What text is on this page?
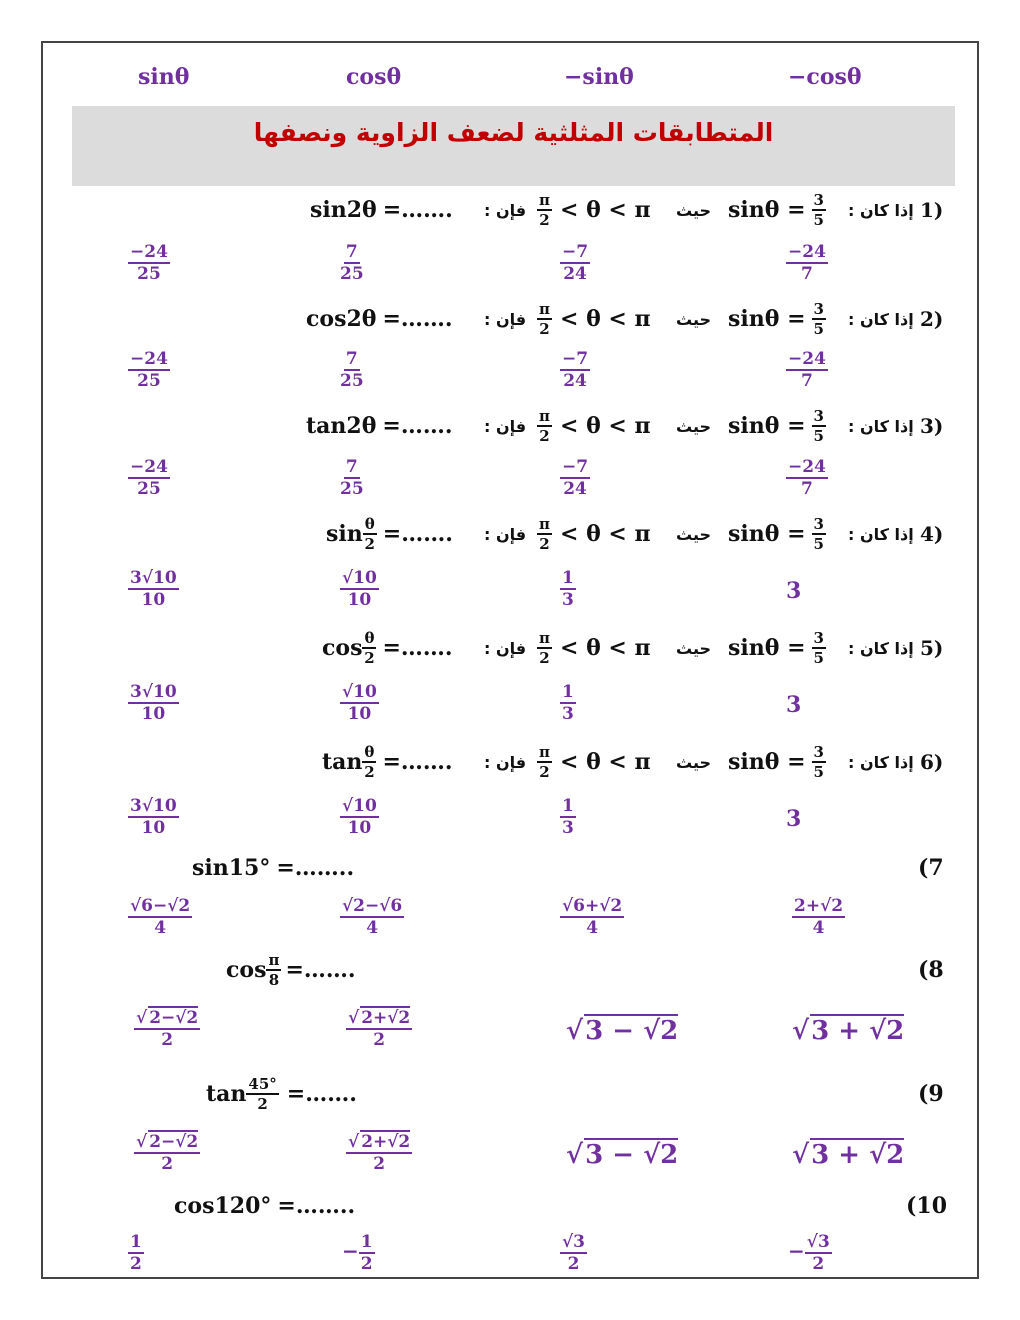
sinθ	cosθ	−sinθ	−cosθ
المتطابقات المثلثية لضعف الزاوية ونصفها
sin2θ =……. : فإن $\frac{\pi}{2} < \theta < \pi$ حيث $\sin\theta = \frac{3}{5}$ : إذا كان 1)
$\frac{-24}{25}$	$\frac{7}{25}$	$\frac{-7}{24}$	$\frac{-24}{7}$
cos2θ =……. : فإن $\frac{\pi}{2} < \theta < \pi$ حيث $\sin\theta = \frac{3}{5}$ : إذا كان 2)
$\frac{-24}{25}$	$\frac{7}{25}$	$\frac{-7}{24}$	$\frac{-24}{7}$
tan2θ =……. : فإن $\frac{\pi}{2} < \theta < \pi$ حيث $\sin\theta = \frac{3}{5}$ : إذا كان 3)
$\frac{-24}{25}$	$\frac{7}{25}$	$\frac{-7}{24}$	$\frac{-24}{7}$
$\sin \frac{\theta}{2}$ =……. : فإن $\frac{\pi}{2} < \theta < \pi$ حيث $\sin\theta = \frac{3}{5}$ : إذا كان 4)
$\frac{3√10}{10}$	$\frac{√10}{10}$	$\frac{1}{3}$	3
$\cos \frac{\theta}{2}$ =……. : فإن $\frac{\pi}{2} < \theta < \pi$ حيث $\sin\theta = \frac{3}{5}$ : إذا كان 5)
$\frac{3√10}{10}$	$\frac{√10}{10}$	$\frac{1}{3}$	3
$\tan \frac{\theta}{2}$ =……. : فإن $\frac{\pi}{2} < \theta < \pi$ حيث $\sin\theta = \frac{3}{5}$ : إذا كان 6)
$\frac{3√10}{10}$	$\frac{√10}{10}$	$\frac{1}{3}$	3
sin15° =……..	(7
$\frac{√6-√2}{4}$	$\frac{√2-√6}{4}$	$\frac{√6+√2}{4}$	$\frac{2+√2}{4}$
$\cos \frac{\pi}{8}$ =…….	(8
$\frac{√ 2-√2}{2}$	$\frac{√ 2+√2}{2}$	√3 − √2	√3 + √2
$\tan \frac{45^\circ}{2}$ =…….	(9
$\frac{√ 2-√2}{2}$	$\frac{√ 2+√2}{2}$	√3 − √2	√3 + √2
cos120° =……..	(10
$\frac{1}{2}$	− $\frac{1}{2}$	$\frac{√3}{2}$	− $\frac{√3}{2}$
